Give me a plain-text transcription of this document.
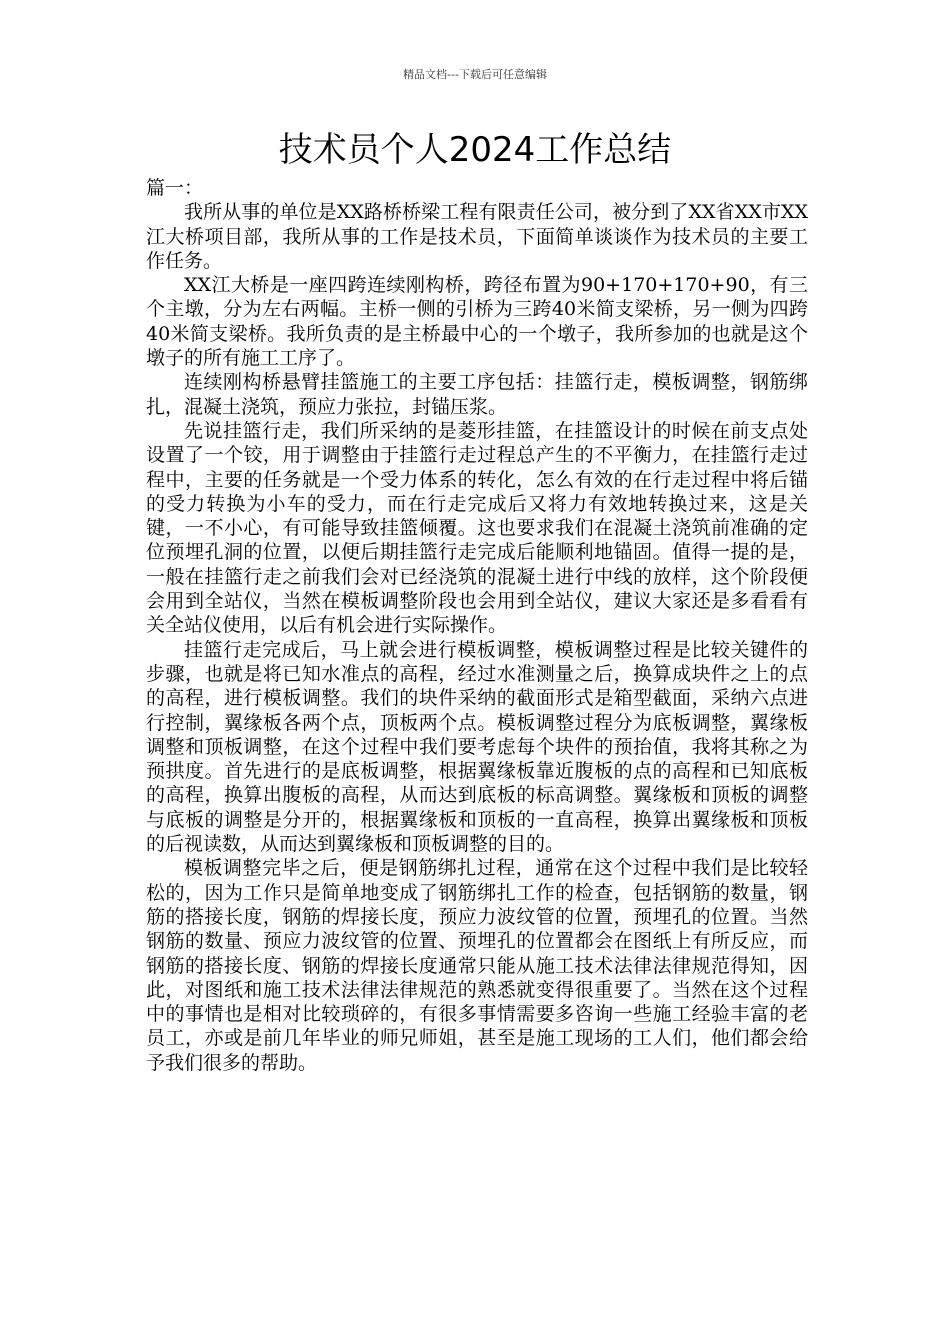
精品文档---下载后可任意编辑
技术员个人2024工作总结

篇一：

我所从事的单位是XX路桥桥梁工程有限责任公司，被分到了XX省XX市XX江大桥项目部，我所从事的工作是技术员，下面简单谈谈作为技术员的主要工作任务。

XX江大桥是一座四跨连续刚构桥，跨径布置为90+170+170+90，有三个主墩，分为左右两幅。主桥一侧的引桥为三跨40米简支梁桥，另一侧为四跨40米简支梁桥。我所负责的是主桥最中心的一个墩子，我所参加的也就是这个墩子的所有施工工序了。

连续刚构桥悬臂挂篮施工的主要工序包括：挂篮行走，模板调整，钢筋绑扎，混凝土浇筑，预应力张拉，封锚压浆。

先说挂篮行走，我们所采纳的是菱形挂篮，在挂篮设计的时候在前支点处设置了一个铰，用于调整由于挂篮行走过程总产生的不平衡力，在挂篮行走过程中，主要的任务就是一个受力体系的转化，怎么有效的在行走过程中将后锚的受力转换为小车的受力，而在行走完成后又将力有效地转换过来，这是关键，一不小心，有可能导致挂篮倾覆。这也要求我们在混凝土浇筑前准确的定位预埋孔洞的位置，以便后期挂篮行走完成后能顺利地锚固。值得一提的是，一般在挂篮行走之前我们会对已经浇筑的混凝土进行中线的放样，这个阶段便会用到全站仪，当然在模板调整阶段也会用到全站仪，建议大家还是多看看有关全站仪使用，以后有机会进行实际操作。

挂篮行走完成后，马上就会进行模板调整，模板调整过程是比较关键件的步骤，也就是将已知水准点的高程，经过水准测量之后，换算成块件之上的点的高程，进行模板调整。我们的块件采纳的截面形式是箱型截面，采纳六点进行控制，翼缘板各两个点，顶板两个点。模板调整过程分为底板调整，翼缘板调整和顶板调整，在这个过程中我们要考虑每个块件的预抬值，我将其称之为预拱度。首先进行的是底板调整，根据翼缘板靠近腹板的点的高程和已知底板的高程，换算出腹板的高程，从而达到底板的标高调整。翼缘板和顶板的调整与底板的调整是分开的，根据翼缘板和顶板的一直高程，换算出翼缘板和顶板的后视读数，从而达到翼缘板和顶板调整的目的。

模板调整完毕之后，便是钢筋绑扎过程，通常在这个过程中我们是比较轻松的，因为工作只是简单地变成了钢筋绑扎工作的检查，包括钢筋的数量，钢筋的搭接长度，钢筋的焊接长度，预应力波纹管的位置，预埋孔的位置。当然钢筋的数量、预应力波纹管的位置、预埋孔的位置都会在图纸上有所反应，而钢筋的搭接长度、钢筋的焊接长度通常只能从施工技术法律法律规范得知，因此，对图纸和施工技术法律法律规范的熟悉就变得很重要了。当然在这个过程中的事情也是相对比较琐碎的，有很多事情需要多咨询一些施工经验丰富的老员工，亦或是前几年毕业的师兄师姐，甚至是施工现场的工人们，他们都会给予我们很多的帮助。
